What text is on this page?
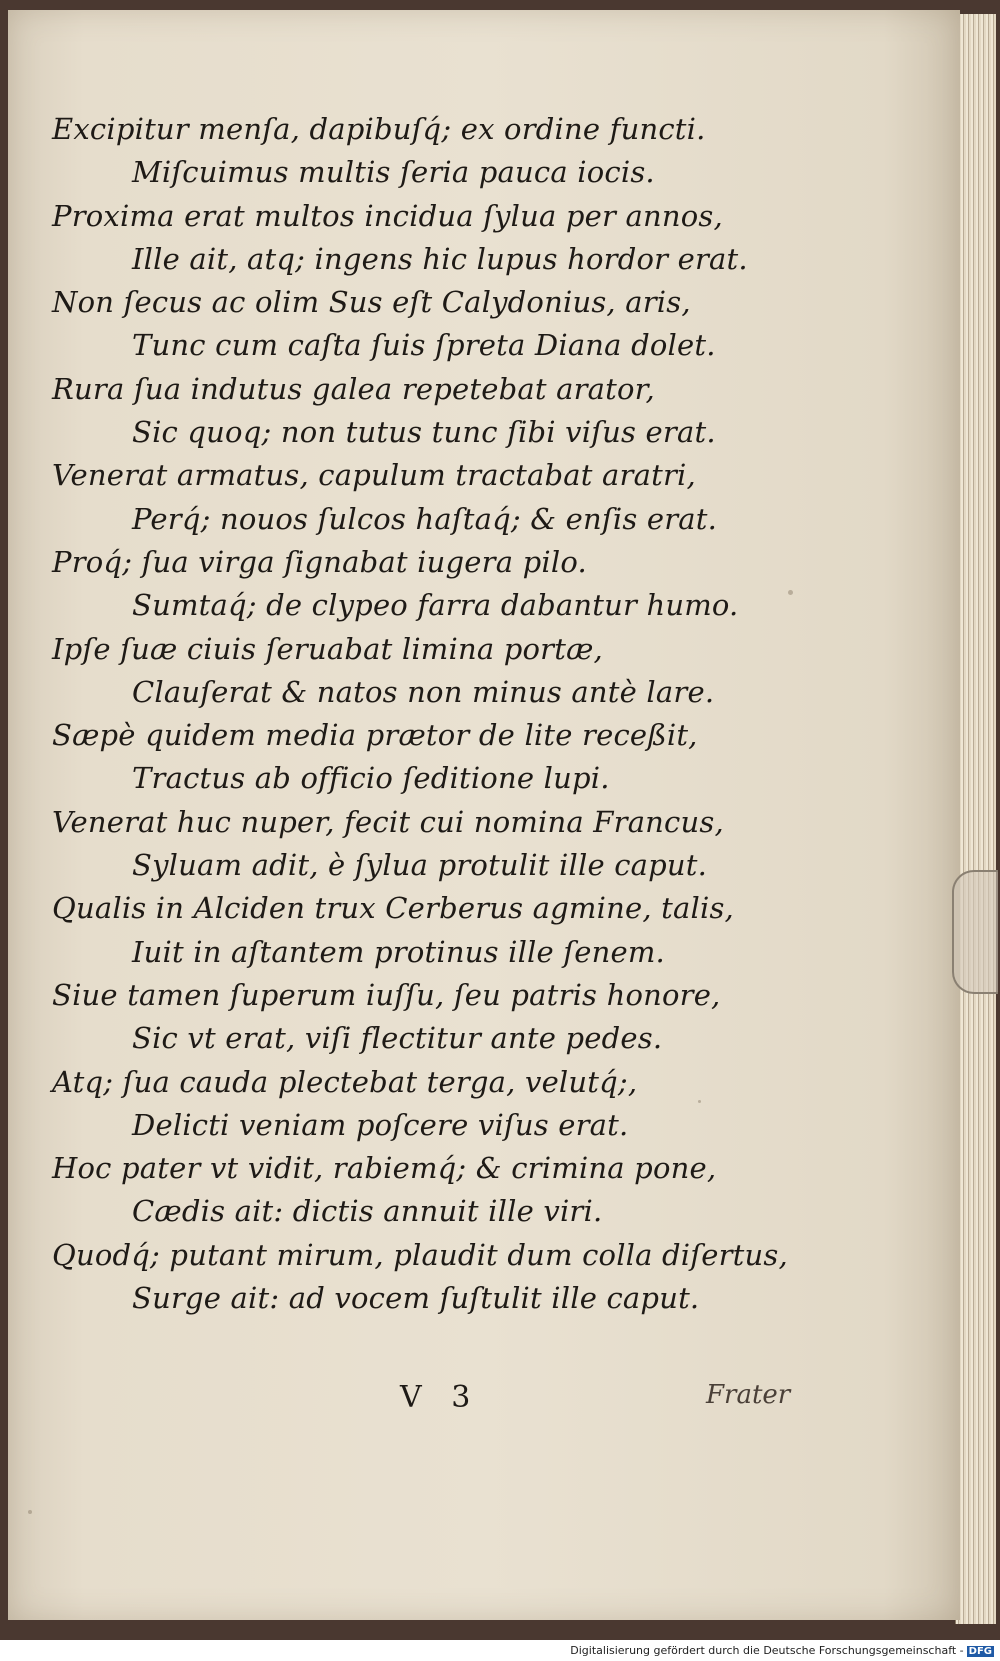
Excipitur menſa, dapibuſq́; ex ordine functi.
Miſcuimus multis ſeria pauca iocis.
Proxima erat multos incidua ſylua per annos,
Ille ait, atq; ingens hic lupus hordor erat.
Non ſecus ac olim Sus eſt Calydonius, aris,
Tunc cum caſta ſuis ſpreta Diana dolet.
Rura ſua indutus galea repetebat arator,
Sic quoq; non tutus tunc ſibi viſus erat.
Venerat armatus, capulum tractabat aratri,
Perq́; nouos ſulcos haſtaq́; & enſis erat.
Proq́; ſua virga ſignabat iugera pilo.
Sumtaq́; de clypeo farra dabantur humo.
Ipſe ſuæ ciuis ſeruabat limina portæ,
Clauſerat & natos non minus antè lare.
Sæpè quidem media prætor de lite receßit,
Tractus ab officio ſeditione lupi.
Venerat huc nuper, fecit cui nomina Francus,
Syluam adit, è ſylua protulit ille caput.
Qualis in Alciden trux Cerberus agmine, talis,
Iuit in aſtantem protinus ille ſenem.
Siue tamen ſuperum iuſſu, ſeu patris honore,
Sic vt erat, viſi flectitur ante pedes.
Atq; ſua cauda plectebat terga, velutq́;,
Delicti veniam poſcere viſus erat.
Hoc pater vt vidit, rabiemq́; & crimina pone,
Cædis ait: dictis annuit ille viri.
Quodq́; putant mirum, plaudit dum colla diſertus,
Surge ait: ad vocem ſuſtulit ille caput.
V 3	Frater
Digitalisierung gefördert durch die Deutsche Forschungsgemeinschaft - DFG
